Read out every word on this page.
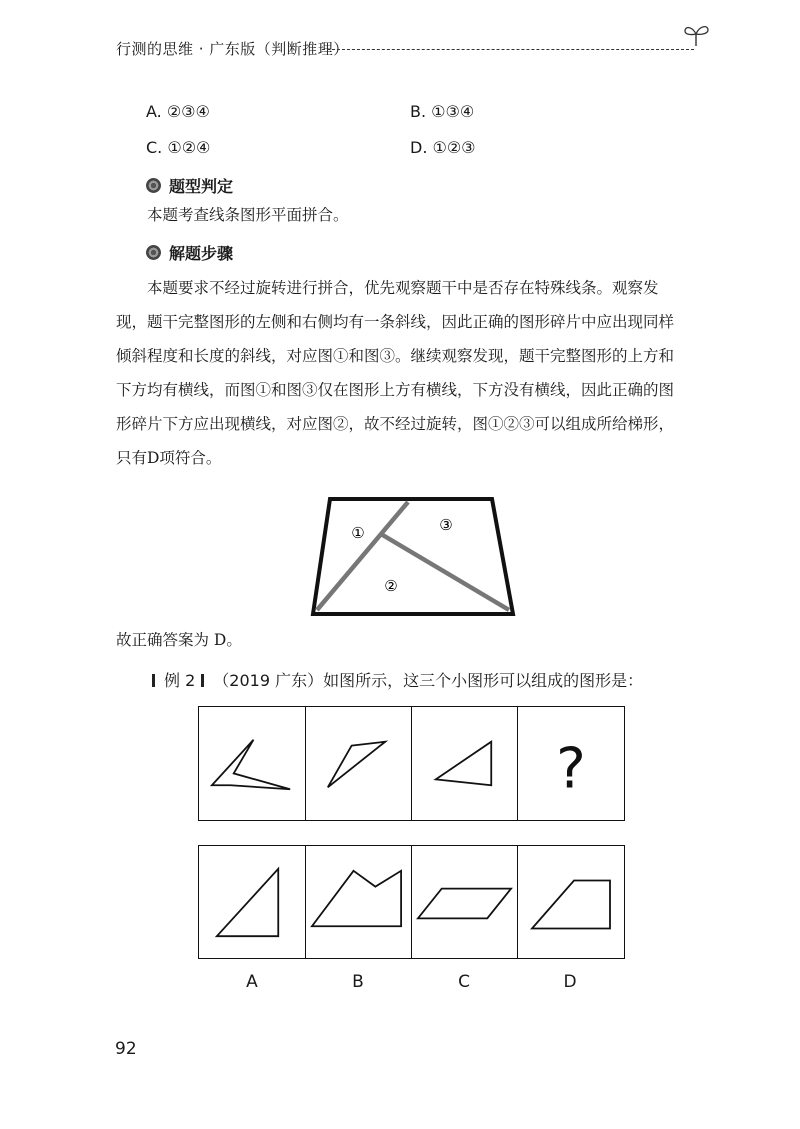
行测的思维 · 广东版（判断推理）
A. ②③④	B. ①③④
C. ①②④	D. ①②③
题型判定

本题考查线条图形平面拼合。

解题步骤

本题要求不经过旋转进行拼合，优先观察题干中是否存在特殊线条。观察发现，题干完整图形的左侧和右侧均有一条斜线，因此正确的图形碎片中应出现同样倾斜程度和长度的斜线，对应图①和图③。继续观察发现，题干完整图形的上方和下方均有横线，而图①和图③仅在图形上方有横线，下方没有横线，因此正确的图形碎片下方应出现横线，对应图②，故不经过旋转，图①②③可以组成所给梯形，只有D项符合。

①	③
②

故正确答案为 D。

例 2 （2019 广东）如图所示，这三个小图形可以组成的图形是：
?
A	B	C	D
92
